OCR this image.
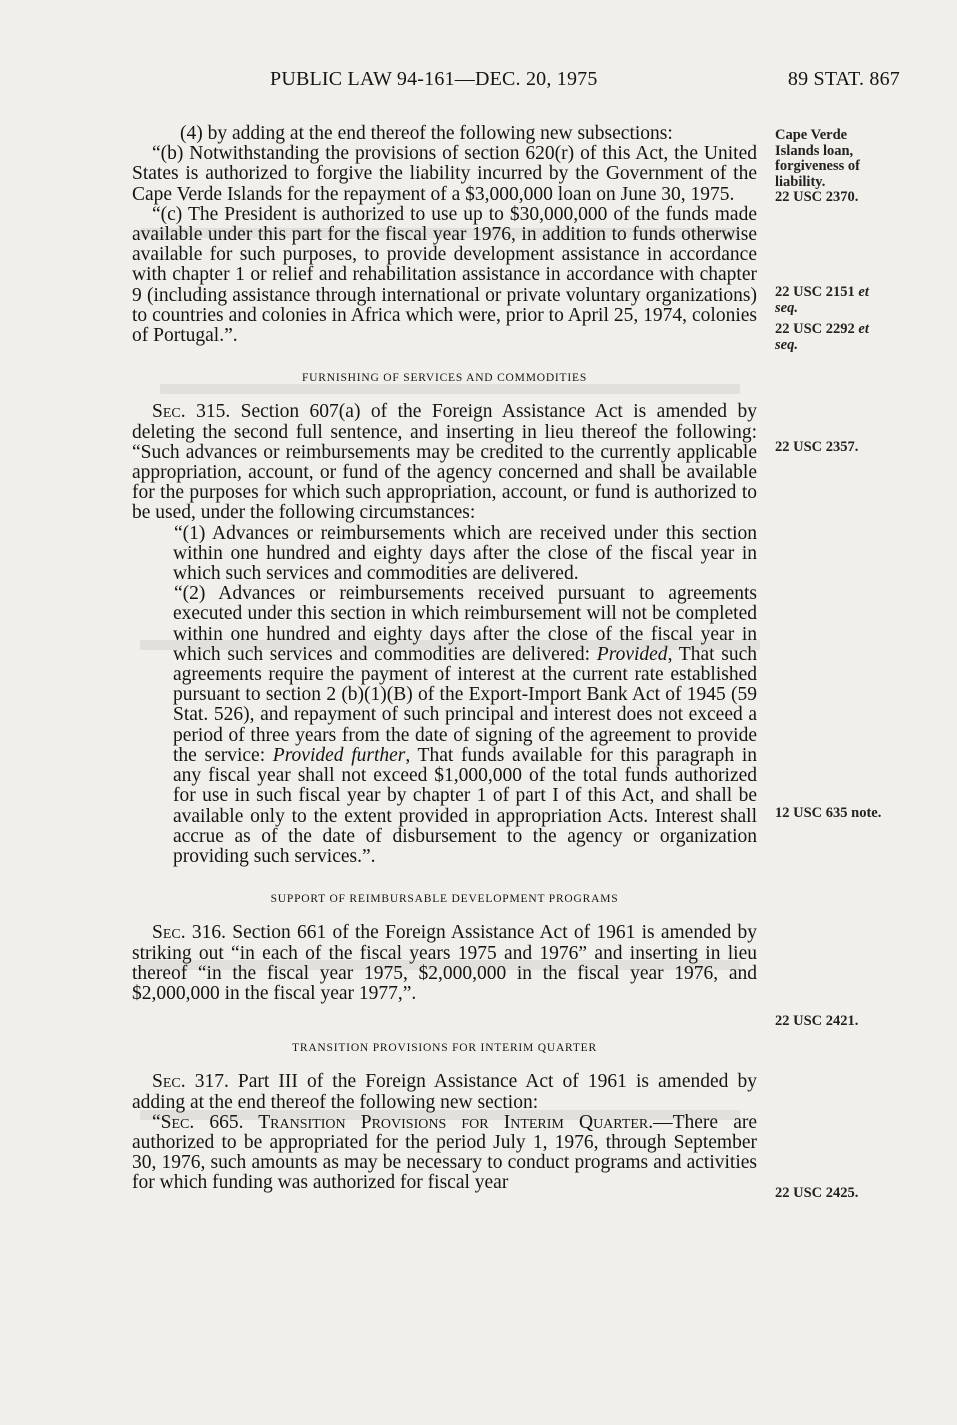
PUBLIC LAW 94-161—DEC. 20, 1975	89 STAT. 867

(4) by adding at the end thereof the following new subsections:

“(b) Notwithstanding the provisions of section 620(r) of this Act, the United States is authorized to forgive the liability incurred by the Government of the Cape Verde Islands for the repayment of a $3,000,000 loan on June 30, 1975.

“(c) The President is authorized to use up to $30,000,000 of the funds made available under this part for the fiscal year 1976, in addition to funds otherwise available for such purposes, to provide development assistance in accordance with chapter 1 or relief and rehabilitation assistance in accordance with chapter 9 (including assistance through international or private voluntary organizations) to countries and colonies in Africa which were, prior to April 25, 1974, colonies of Portugal.”.

FURNISHING OF SERVICES AND COMMODITIES

Sec. 315. Section 607(a) of the Foreign Assistance Act is amended by deleting the second full sentence, and inserting in lieu thereof the following: “Such advances or reimbursements may be credited to the currently applicable appropriation, account, or fund of the agency concerned and shall be available for the purposes for which such appropriation, account, or fund is authorized to be used, under the following circumstances:

“(1) Advances or reimbursements which are received under this section within one hundred and eighty days after the close of the fiscal year in which such services and commodities are delivered.

“(2) Advances or reimbursements received pursuant to agreements executed under this section in which reimbursement will not be completed within one hundred and eighty days after the close of the fiscal year in which such services and commodities are delivered: Provided, That such agreements require the payment of interest at the current rate established pursuant to section 2 (b)(1)(B) of the Export-Import Bank Act of 1945 (59 Stat. 526), and repayment of such principal and interest does not exceed a period of three years from the date of signing of the agreement to provide the service: Provided further, That funds available for this paragraph in any fiscal year shall not exceed $1,000,000 of the total funds authorized for use in such fiscal year by chapter 1 of part I of this Act, and shall be available only to the extent provided in appropriation Acts. Interest shall accrue as of the date of disbursement to the agency or organization providing such services.”.

SUPPORT OF REIMBURSABLE DEVELOPMENT PROGRAMS

Sec. 316. Section 661 of the Foreign Assistance Act of 1961 is amended by striking out “in each of the fiscal years 1975 and 1976” and inserting in lieu thereof “in the fiscal year 1975, $2,000,000 in the fiscal year 1976, and $2,000,000 in the fiscal year 1977,”.

TRANSITION PROVISIONS FOR INTERIM QUARTER

Sec. 317. Part III of the Foreign Assistance Act of 1961 is amended by adding at the end thereof the following new section:

“Sec. 665. Transition Provisions for Interim Quarter.—There are authorized to be appropriated for the period July 1, 1976, through September 30, 1976, such amounts as may be necessary to conduct programs and activities for which funding was authorized for fiscal year

Cape Verde
Islands loan,
forgiveness of
liability.
22 USC 2370.
22 USC 2151 et
seq.
22 USC 2292 et
seq.
22 USC 2357.
12 USC 635 note.
22 USC 2421.
22 USC 2425.
